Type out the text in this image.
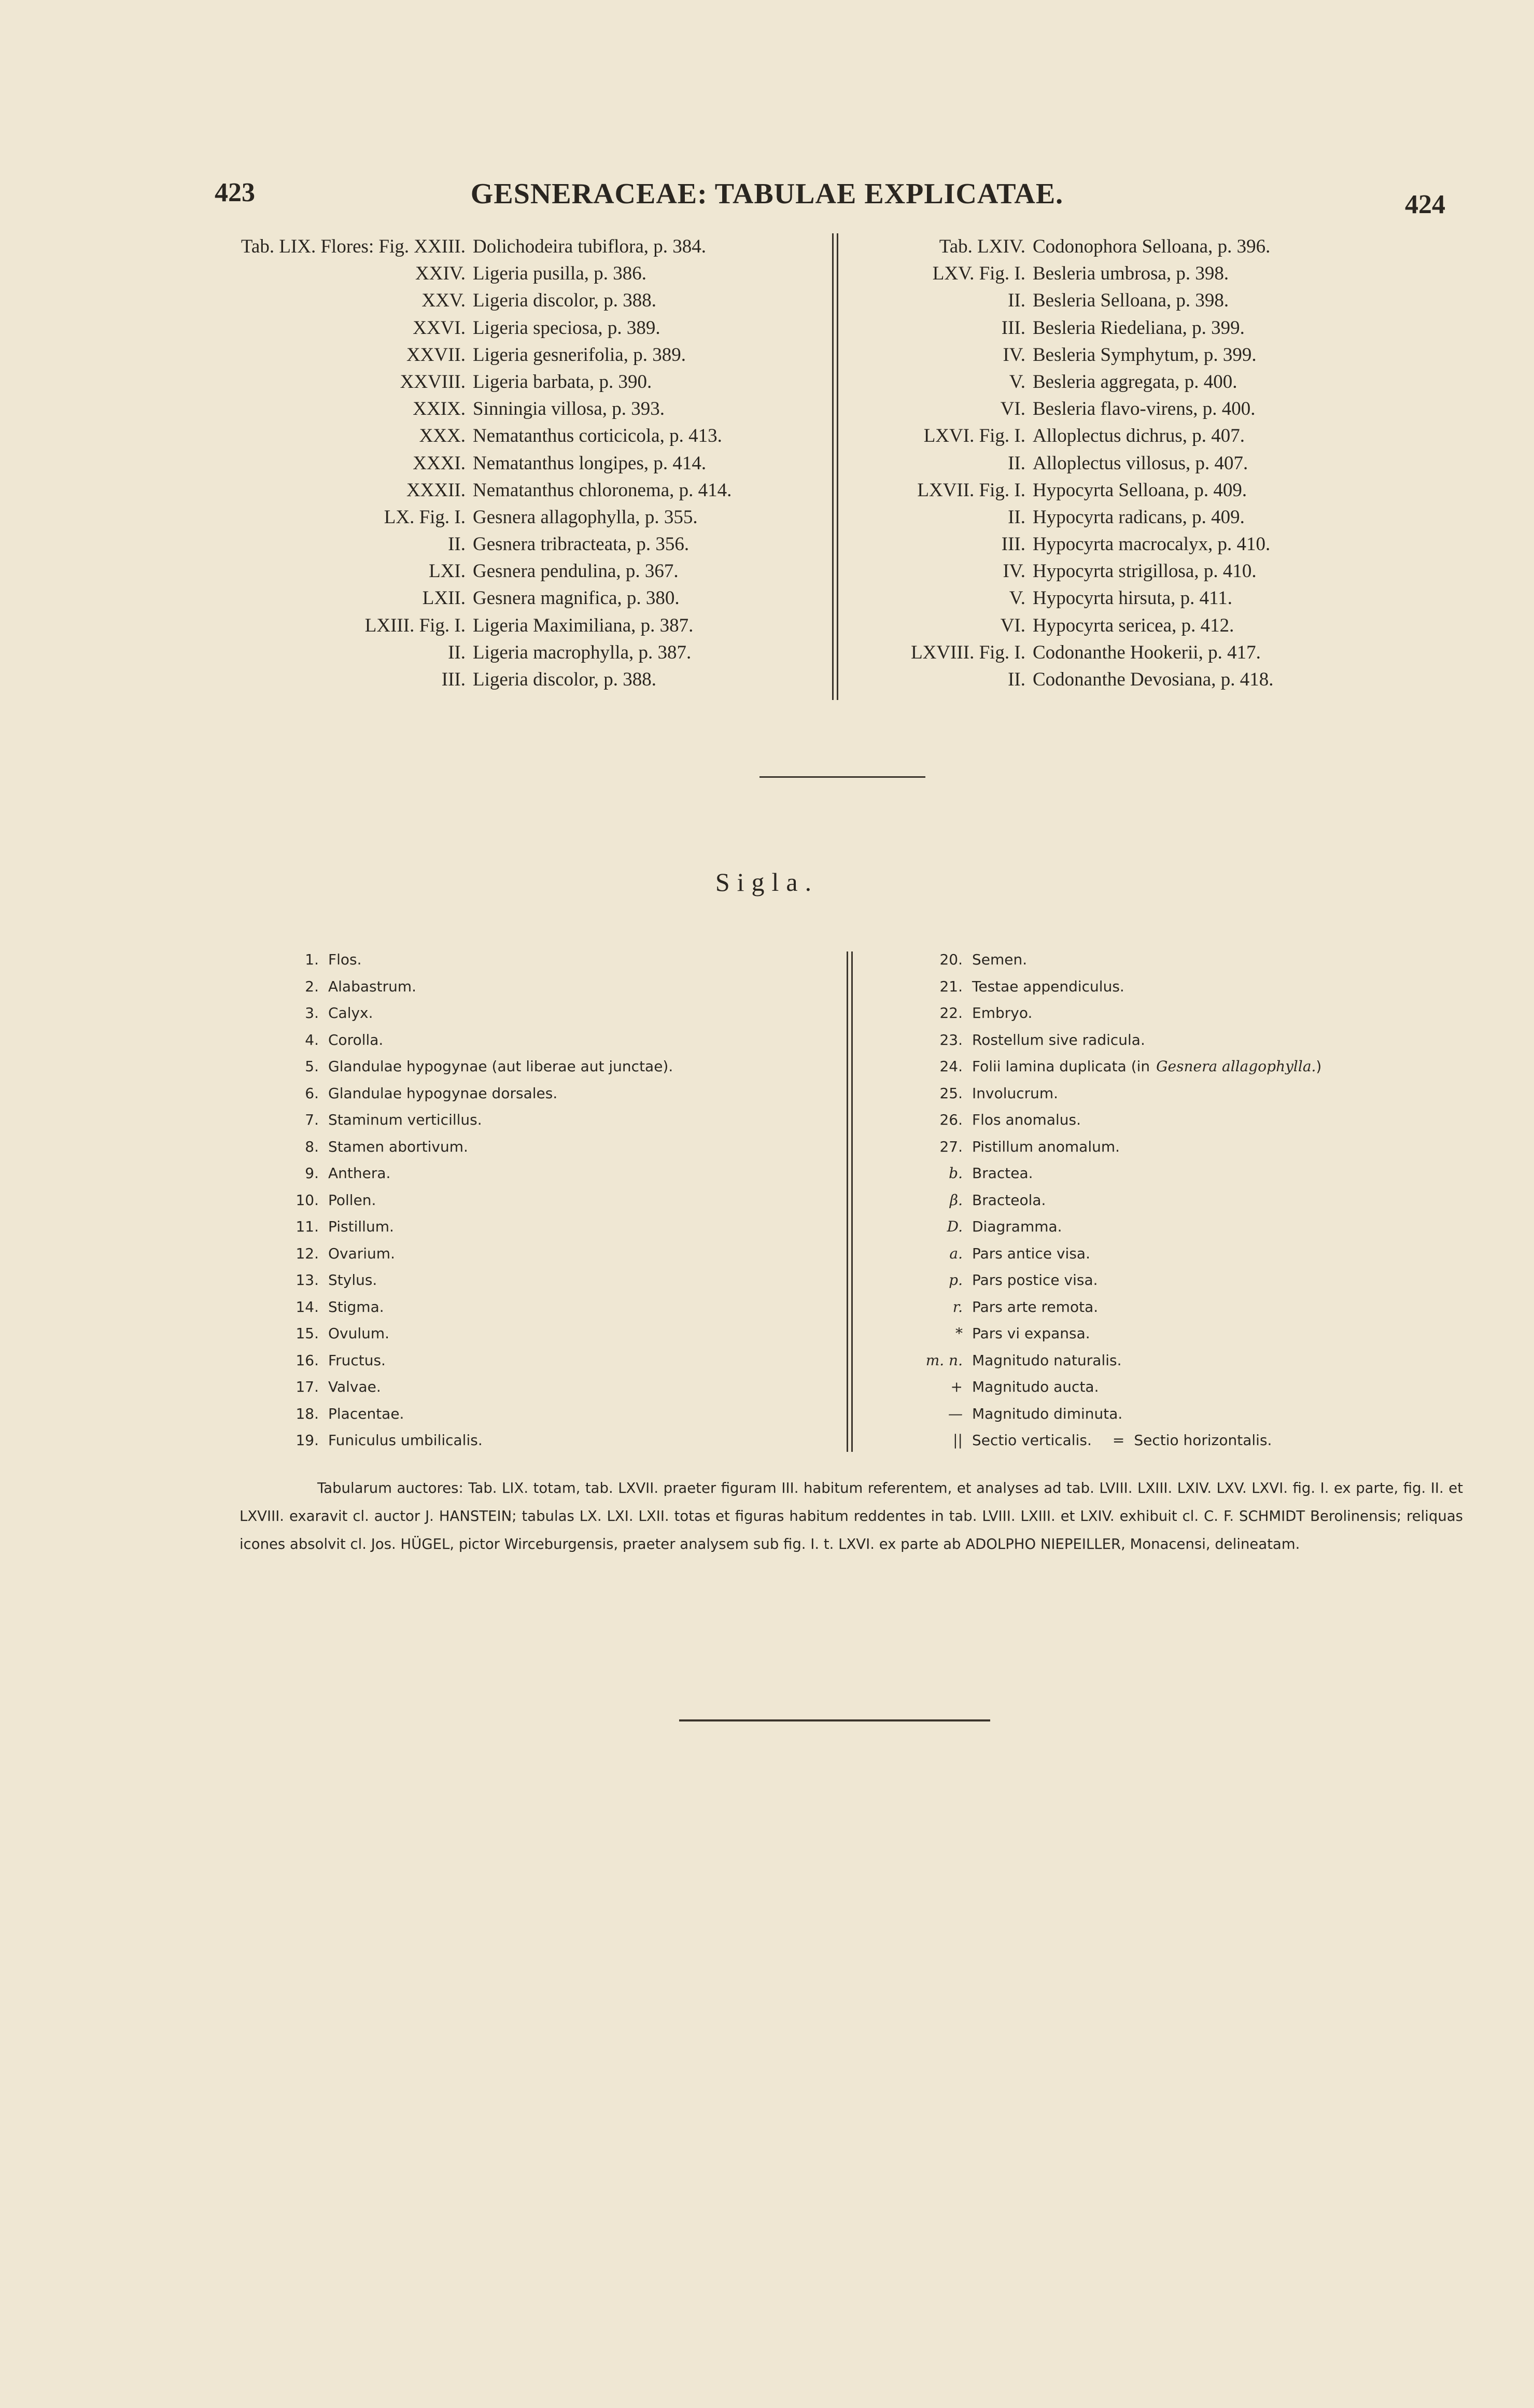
423	GESNERACEAE: TABULAE EXPLICATAE.	424
Tab. LIX. Flores: Fig. XXIII. Dolichodeira tubiflora, p. 384.
XXIV. Ligeria pusilla, p. 386.
XXV. Ligeria discolor, p. 388.
XXVI. Ligeria speciosa, p. 389.
XXVII. Ligeria gesnerifolia, p. 389.
XXVIII. Ligeria barbata, p. 390.
XXIX. Sinningia villosa, p. 393.
XXX. Nematanthus corticicola, p. 413.
XXXI. Nematanthus longipes, p. 414.
XXXII. Nematanthus chloronema, p. 414.
LX. Fig. I. Gesnera allagophylla, p. 355.
II. Gesnera tribracteata, p. 356.
LXI. Gesnera pendulina, p. 367.
LXII. Gesnera magnifica, p. 380.
LXIII. Fig. I. Ligeria Maximiliana, p. 387.
II. Ligeria macrophylla, p. 387.
III. Ligeria discolor, p. 388.
Tab. LXIV. Codonophora Selloana, p. 396.
LXV. Fig. I. Besleria umbrosa, p. 398.
II. Besleria Selloana, p. 398.
III. Besleria Riedeliana, p. 399.
IV. Besleria Symphytum, p. 399.
V. Besleria aggregata, p. 400.
VI. Besleria flavo-virens, p. 400.
LXVI. Fig. I. Alloplectus dichrus, p. 407.
II. Alloplectus villosus, p. 407.
LXVII. Fig. I. Hypocyrta Selloana, p. 409.
II. Hypocyrta radicans, p. 409.
III. Hypocyrta macrocalyx, p. 410.
IV. Hypocyrta strigillosa, p. 410.
V. Hypocyrta hirsuta, p. 411.
VI. Hypocyrta sericea, p. 412.
LXVIII. Fig. I. Codonanthe Hookerii, p. 417.
II. Codonanthe Devosiana, p. 418.
Sigla.
1. Flos.
2. Alabastrum.
3. Calyx.
4. Corolla.
5. Glandulae hypogynae (aut liberae aut junctae).
6. Glandulae hypogynae dorsales.
7. Staminum verticillus.
8. Stamen abortivum.
9. Anthera.
10. Pollen.
11. Pistillum.
12. Ovarium.
13. Stylus.
14. Stigma.
15. Ovulum.
16. Fructus.
17. Valvae.
18. Placentae.
19. Funiculus umbilicalis.
20. Semen.
21. Testae appendiculus.
22. Embryo.
23. Rostellum sive radicula.
24. Folii lamina duplicata (in Gesnera allagophylla.)
25. Involucrum.
26. Flos anomalus.
27. Pistillum anomalum.
b. Bractea.
β. Bracteola.
D. Diagramma.
a. Pars antice visa.
p. Pars postice visa.
r. Pars arte remota.
* Pars vi expansa.
m. n. Magnitudo naturalis.
+ Magnitudo aucta.
— Magnitudo diminuta.
|| Sectio verticalis. = Sectio horizontalis.
Tabularum auctores: Tab. LIX. totam, tab. LXVII. praeter figuram III. habitum referentem, et analyses ad tab. LVIII. LXIII. LXIV. LXV. LXVI. fig. I. ex parte, fig. II. et LXVIII. exaravit cl. auctor J. HANSTEIN; tabulas LX. LXI. LXII. totas et figuras habitum reddentes in tab. LVIII. LXIII. et LXIV. exhibuit cl. C. F. SCHMIDT Berolinensis; reliquas icones absolvit cl. Jos. HÜGEL, pictor Wirceburgensis, praeter analysem sub fig. I. t. LXVI. ex parte ab ADOLPHO NIEPEILLER, Monacensi, delineatam.
